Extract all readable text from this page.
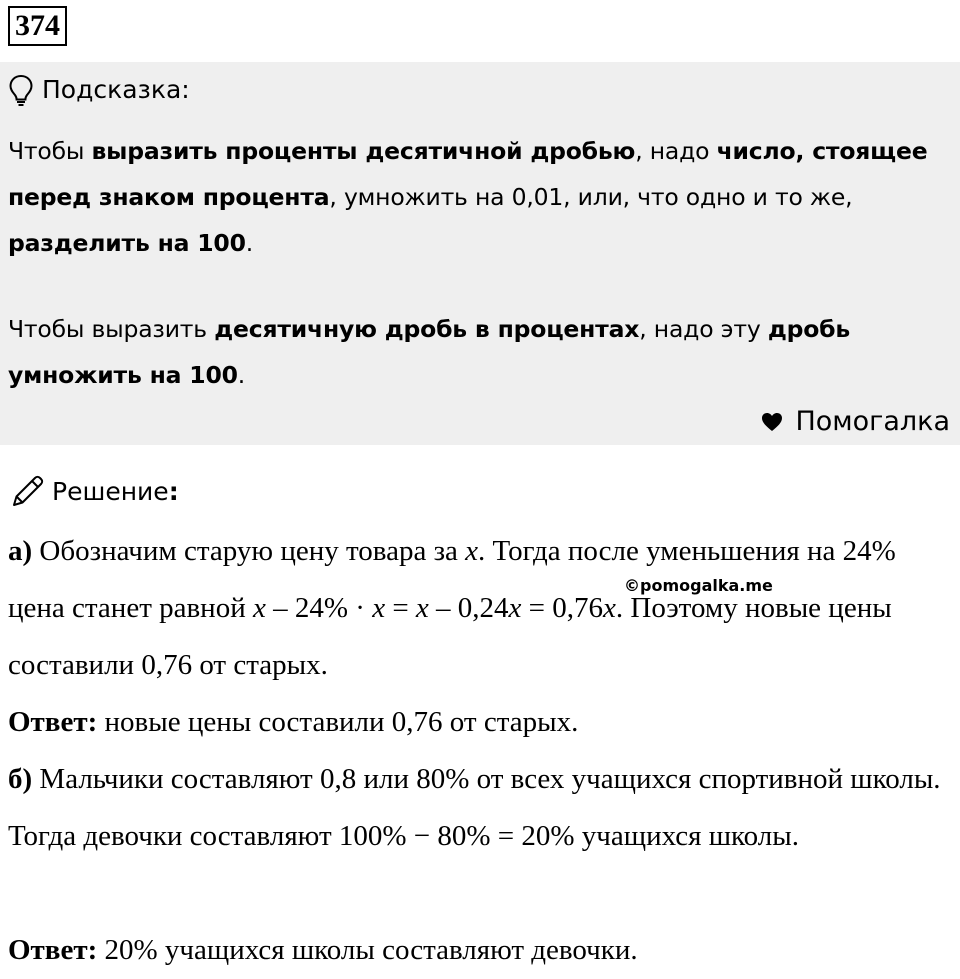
374
Подсказка:
Чтобы выразить проценты десятичной дробью, надо число, стоящее перед знаком процента, умножить на 0,01, или, что одно и то же, разделить на 100.
Чтобы выразить десятичную дробь в процентах, надо эту дробь умножить на 100.
Помогалка
Решение :
а) Обозначим старую цену товара за x. Тогда после уменьшения на 24% цена станет равной x – 24% · x = x – 0,24x = 0,76x. Поэтому новые цены составили 0,76 от старых.
Ответ: новые цены составили 0,76 от старых.
б) Мальчики составляют 0,8 или 80% от всех учащихся спортивной школы. Тогда девочки составляют 100% − 80% = 20% учащихся школы.
Ответ: 20% учащихся школы составляют девочки.
©pomogalka.me
